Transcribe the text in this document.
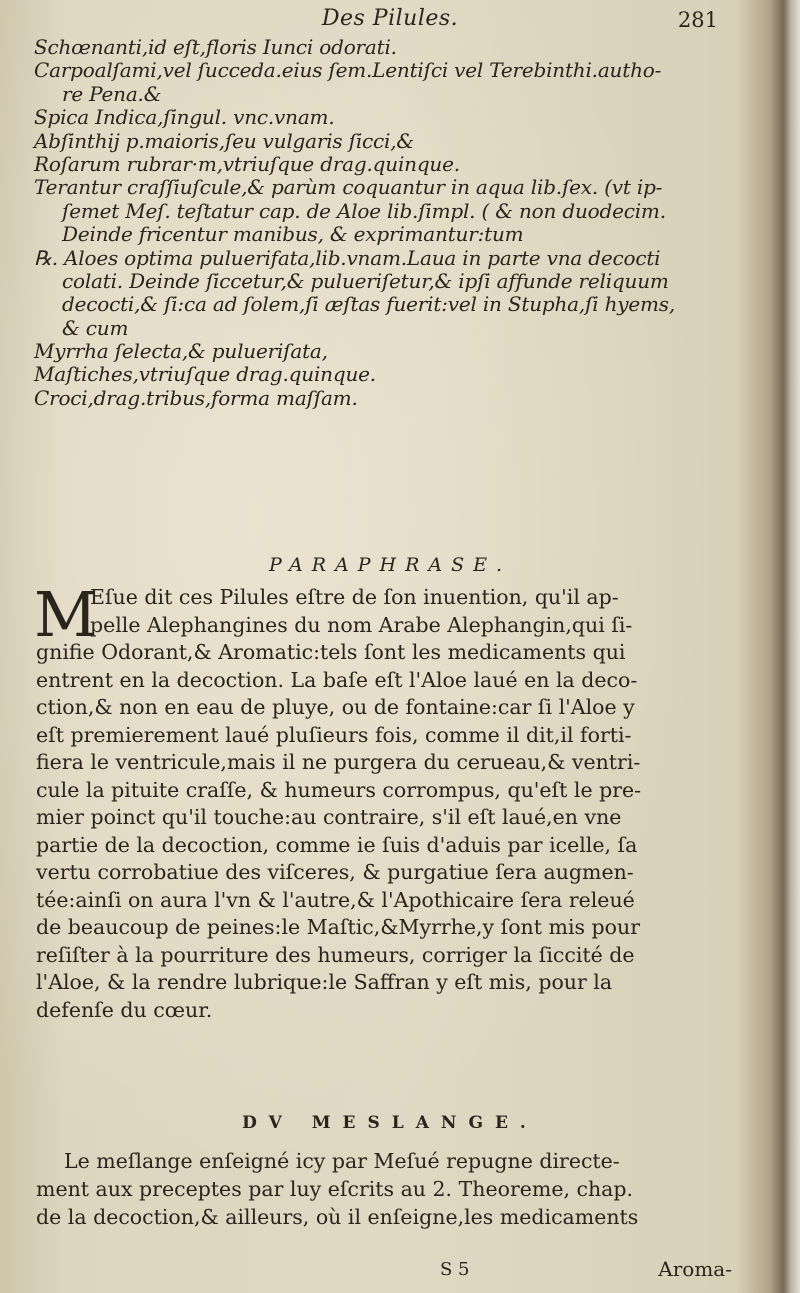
Des Pilules.	281
Schœnanti,id eſt,floris Iunci odorati.
Carpoalſami,vel ſucceda.eius ſem.Lentiſci vel Terebinthi.autho-
re Pena.&
Spica Indica,ſingul. vnc.vnam.
Abſinthij p.maioris,ſeu vulgaris ſicci,&
Roſarum rubrar·m,vtriuſque drag.quinque.
Terantur craſſiuſcule,& parùm coquantur in aqua lib.ſex. (vt ip-
ſemet Meſ. teſtatur cap. de Aloe lib.ſimpl. ( & non duodecim.
Deinde fricentur manibus, & exprimantur:tum
℞. Aloes optima puluerifata,lib.vnam.Laua in parte vna decocti
colati. Deinde ſiccetur,& pulueriſetur,& ipſi affunde reliquum
decocti,& ſi:ca ad ſolem,ſi æſtas fuerit:vel in Stupha,ſi hyems,
& cum
Myrrha ſelecta,& pulueriſata,
Maſtiches,vtriuſque drag.quinque.
Croci,drag.tribus,forma maſſam.
PARAPHRASE.
M
Eſue dit ces Pilules eſtre de ſon inuention, qu'il ap-
pelle Alephangines du nom Arabe Alephangin,qui ſi-
gnifie Odorant,& Aromatic:tels ſont les medicaments qui
entrent en la decoction. La baſe eſt l'Aloe laué en la deco-
ction,& non en eau de pluye, ou de fontaine:car ſi l'Aloe y
eſt premierement laué pluſieurs fois, comme il dit,il forti-
fiera le ventricule,mais il ne purgera du cerueau,& ventri-
cule la pituite craſſe, & humeurs corrompus, qu'eſt le pre-
mier poinct qu'il touche:au contraire, s'il eſt laué,en vne
partie de la decoction, comme ie ſuis d'aduis par icelle, ſa
vertu corrobatiue des viſceres, & purgatiue ſera augmen-
tée:ainſi on aura l'vn & l'autre,& l'Apothicaire ſera releué
de beaucoup de peines:le Maſtic,&Myrrhe,y ſont mis pour
reſiſter à la pourriture des humeurs, corriger la ſiccité de
l'Aloe, & la rendre lubrique:le Saffran y eſt mis, pour la
defenſe du cœur.
DV MESLANGE.
Le meſlange enſeigné icy par Meſué repugne directe-
ment aux preceptes par luy eſcrits au 2. Theoreme, chap.
de la decoction,& ailleurs, où il enſeigne,les medicaments
S 5	Aroma-
